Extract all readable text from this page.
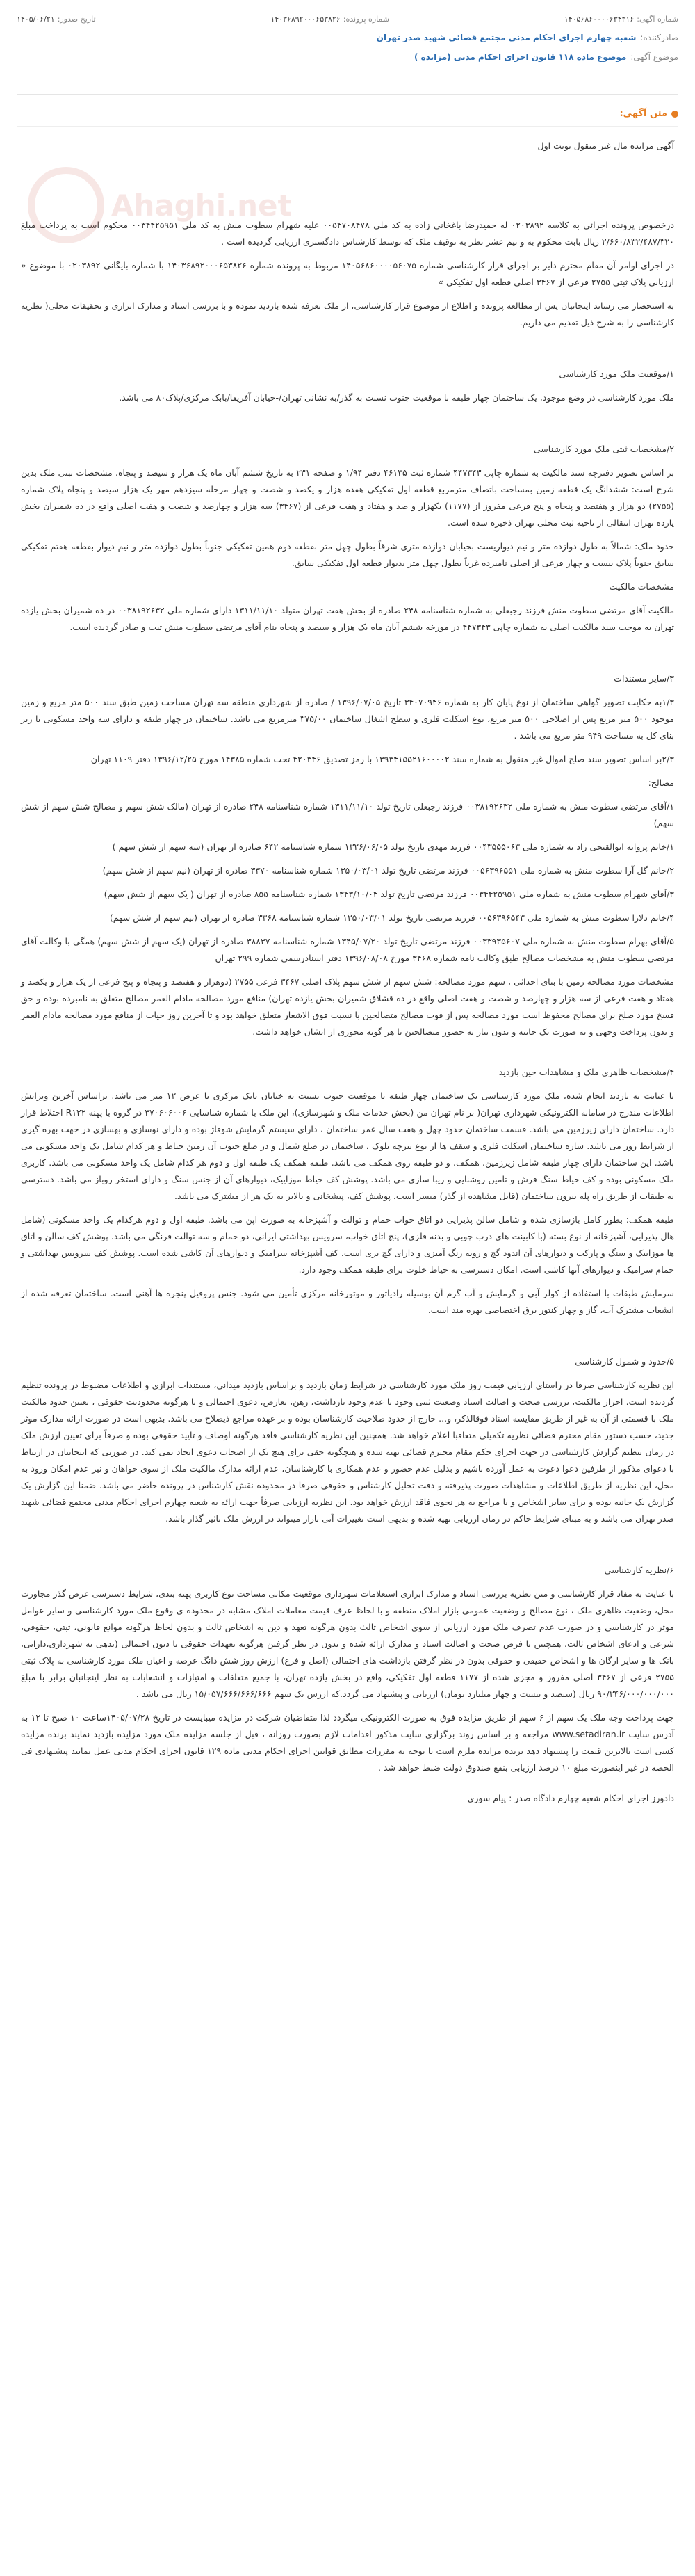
شماره آگهی:
۱۴۰۵۶۸۶۰۰۰۰۶۳۴۳۱۶
شماره پرونده:
۱۴۰۳۶۸۹۲۰۰۰۶۵۳۸۲۶
تاریخ صدور:
۱۴۰۵/۰۶/۲۱
صادرکننده:
شعبه چهارم اجرای احکام مدنی مجتمع قضائی شهید صدر تهران
موضوع آگهی:
موضوع ماده ۱۱۸ قانون اجرای احکام مدنی (مزایده )
Ahaghi.net
متن آگهی:

آگهی مزایده مال غیر منقول نوبت اول

درخصوص پرونده اجرائی به کلاسه ۰۲۰۳۸۹۲ له حمیدرضا باغخانی زاده به کد ملی ۰۰۵۴۷۰۸۴۷۸ علیه شهرام سطوت منش به کد ملی ۰۰۳۴۴۲۵۹۵۱ محکوم است به پرداخت مبلغ ۲/۶۶۰/۸۳۲/۴۸۷/۳۲۰ ریال بابت محکوم به و نیم عشر نظر به توقیف ملک که توسط کارشناس دادگستری ارزیابی گردیده است .

در اجرای اوامر آن مقام محترم دایر بر اجرای قرار کارشناسی شماره ۱۴۰۵۶۸۶۰۰۰۰۵۶۰۷۵ مربوط به پرونده شماره ۱۴۰۳۶۸۹۲۰۰۰۶۵۳۸۲۶ با شماره بایگانی ۰۲۰۳۸۹۲ با موضوع « ارزیابی پلاک ثبتی ۲۷۵۵ فرعی از ۳۴۶۷ اصلی قطعه اول تفکیکی »

به استحضار می رساند اینجانبان پس از مطالعه پرونده و اطلاع از موضوع قرار کارشناسی، از ملک تعرفه شده بازدید نموده و با بررسی اسناد و مدارک ابرازی و تحقیقات محلی( نظریه کارشناسی را به شرح ذیل تقدیم می داریم.

۱/موقعیت ملک مورد کارشناسی

ملک مورد کارشناسی در وضع موجود، یک ساختمان چهار طبقه با موقعیت جنوب نسبت به گذر/به نشانی تهران/-خیابان آفریقا/بابک مرکزی/پلاک۸۰ می باشد.

۲/مشخصات ثبتی ملک مورد کارشناسی

بر اساس تصویر دفترچه سند مالکیت به شماره چاپی ۴۴۷۳۴۳ شماره ثبت ۴۶۱۳۵ دفتر ۱/۹۴ و صفحه ۲۳۱ به تاریخ ششم آبان ماه یک هزار و سیصد و پنجاه، مشخصات ثبتی ملک بدین شرح است: ششدانگ یک قطعه زمین بمساحت باتصاف مترمربع قطعه اول تفکیکی هفده هزار و یکصد و شصت و چهار مرحله سیزدهم مهر یک هزار سیصد و پنجاه پلاک شماره (۲۷۵۵) دو هزار و هفتصد و پنجاه و پنج فرعی مفروز از (۱۱۷۷) یکهزار و صد و هفتاد و هفت فرعی از (۳۴۶۷) سه هزار و چهارصد و شصت و هفت اصلی واقع در ده شمیران بخش یازده تهران انتقالی از ناحیه ثبت محلی تهران ذخیره شده است.

حدود ملک: شمالاً به طول دوازده متر و نیم دیواریست بخیابان دوازده متری شرقاً بطول چهل متر بقطعه دوم همین تفکیکی جنوباً بطول دوازده متر و نیم دیوار بقطعه هفتم تفکیکی سابق جنوباً پلاک بیست و چهار فرعی از اصلی نامبرده غرباً بطول چهل متر بدیوار قطعه اول تفکیکی سابق.

مشخصات مالکیت

مالکیت آقای مرتضی سطوت منش فرزند رجبعلی به شماره شناسنامه ۲۴۸ صادره از بخش هفت تهران متولد ۱۳۱۱/۱۱/۱۰ دارای شماره ملی ۰۰۳۸۱۹۲۶۳۲ در ده شمیران بخش یازده تهران به موجب سند مالکیت اصلی به شماره چاپی ۴۴۷۳۴۳ در مورخه ششم آبان ماه یک هزار و سیصد و پنجاه بنام آقای مرتضی سطوت منش ثبت و صادر گردیده است.

۳/سایر مستندات

۱/۳به حکایت تصویر گواهی ساختمان از نوع پایان کار به شماره ۳۴۰۷۰۹۴۶ تاریخ ۱۳۹۶/۰۷/۰۵ / صادره از شهرداری منطقه سه تهران مساحت زمین طبق سند ۵۰۰ متر مربع و زمین موجود ۵۰۰ متر مربع پس از اصلاحی ۵۰۰ متر مربع، نوع اسکلت فلزی و سطح اشغال ساختمان ۳۷۵/۰۰ مترمربع می باشد. ساختمان در چهار طبقه و دارای سه واحد مسکونی با زیر بنای کل به مساحت ۹۴۹ متر مربع می باشد .

۲/۳بر اساس تصویر سند صلح اموال غیر منقول به شماره سند ۱۳۹۳۴۱۵۵۲۱۶۰۰۰۰۲ با رمز تصدیق ۴۲۰۳۴۶ تحت شماره ۱۴۳۸۵ مورخ ۱۳۹۶/۱۲/۲۵ دفتر ۱۱۰۹ تهران

مصالح:

۱/آقای مرتضی سطوت منش به شماره ملی ۰۰۳۸۱۹۲۶۳۲ فرزند رجبعلی تاریخ تولد ۱۳۱۱/۱۱/۱۰ شماره شناسنامه ۲۴۸ صادره از تهران (مالک شش سهم و مصالح شش سهم از شش سهم)

۱/خانم پروانه ابوالقنحی زاد به شماره ملی ۰۰۴۳۵۵۵۰۶۳ فرزند مهدی تاریخ تولد ۱۳۲۶/۰۶/۰۵ شماره شناسنامه ۶۴۲ صادره از تهران (سه سهم از شش سهم )

۲/خانم گل آرا سطوت منش به شماره ملی ۰۰۵۶۳۹۶۵۵۱ فرزند مرتضی تاریخ تولد ۱۳۵۰/۰۳/۰۱ شماره شناسنامه ۳۳۷۰ صادره از تهران (نیم سهم از شش سهم)

۳/آقای شهرام سطوت منش به شماره ملی ۰۰۳۴۴۲۵۹۵۱ فرزند مرتضی تاریخ تولد ۱۳۴۳/۱۰/۰۴ شماره شناسنامه ۸۵۵ صادره از تهران ( یک سهم از شش سهم)

۴/خانم دلارا سطوت منش به شماره ملی ۰۰۵۶۳۹۶۵۴۳ فرزند مرتضی تاریخ تولد ۱۳۵۰/۰۳/۰۱ شماره شناسنامه ۳۳۶۸ صادره از تهران (نیم سهم از شش سهم)

۵/آقای بهرام سطوت منش به شماره ملی ۰۰۳۳۹۳۵۶۰۷ فرزند مرتضی تاریخ تولد ۱۳۴۵/۰۷/۲۰ شماره شناسنامه ۳۸۸۳۷ صادره از تهران (یک سهم از شش سهم) همگی با وکالت آقای مرتضی سطوت منش به مشخصات مصالح طبق وکالت نامه شماره ۳۴۶۸ مورخ ۱۳۹۶/۰۸/۰۸ دفتر اسنادرسمی شماره ۲۹۹ تهران

مشخصات مورد مصالحه زمین با بنای احداثی ، سهم مورد مصالحه: شش سهم از شش سهم پلاک اصلی ۳۴۶۷ فرعی ۲۷۵۵ (دوهزار و هفتصد و پنجاه و پنج فرعی از یک هزار و یکصد و هفتاد و هفت فرعی از سه هزار و چهارصد و شصت و هفت اصلی واقع در ده قشلاق شمیران بخش یازده تهران) منافع مورد مصالحه مادام العمر مصالح متعلق به نامبرده بوده و حق فسخ مورد صلح برای مصالح محفوظ است مورد مصالحه پس از فوت مصالح متصالحین با نسبت فوق الاشعار متعلق خواهد بود و تا آخرین روز حیات از منافع مورد مصالحه مادام العمر و بدون پرداخت وجهی و به صورت یک جانبه و بدون نیاز به حضور متصالحین با هر گونه مجوزی از ایشان خواهد داشت.

۴/مشخصات ظاهری ملک و مشاهدات حین بازدید

با عنایت به بازدید انجام شده، ملک مورد کارشناسی یک ساختمان چهار طبقه با موقعیت جنوب نسبت به خیابان بابک مرکزی با عرض ۱۲ متر می باشد. براساس آخرین ویرایش اطلاعات مندرج در سامانه الکترونیکی شهرداری تهران( بر نام تهران من (بخش خدمات ملک و شهرسازی)، این ملک با شماره شناسایی ۳۷۰۶۰۶۰۰۶ در گروه با پهنه R۱۲۲ اختلاط قرار دارد. ساختمان دارای زیرزمین می باشد. قسمت ساختمان حدود چهل و هفت سال عمر ساختمان ، دارای سیستم گرمایش شوفاژ بوده و دارای نوسازی و بهسازی در جهت بهره گیری از شرایط روز می باشد. سازه ساختمان اسکلت فلزی و سقف ها از نوع تیرچه بلوک ، ساختمان در ضلع شمال و در ضلع جنوب آن زمین حیاط و هر کدام شامل یک واحد مسکونی می باشد. این ساختمان دارای چهار طبقه شامل زیرزمین، همکف، و دو طبقه روی همکف می باشد. طبقه همکف یک طبقه اول و دوم هر کدام شامل یک واحد مسکونی می باشد. کاربری ملک مسکونی بوده و کف حیاط سنگ فرش و تامین روشنایی و زیبا سازی می باشد. پوشش کف حیاط موزاییک، دیوارهای آن از جنس سنگ و دارای استخر روباز می باشد. دسترسی به طبقات از طریق راه پله بیرون ساختمان (قابل مشاهده از گذر) میسر است. پوشش کف، پیشخانی و بالابر به یک هر از مشترک می باشد.

طبقه همکف: بطور کامل بازسازی شده و شامل سالن پذیرایی دو اتاق خواب حمام و توالت و آشپزخانه به صورت اپن می باشد. طبقه اول و دوم هرکدام یک واحد مسکونی (شامل هال پذیرایی، آشپزخانه از نوع بسته (با کابینت های درب چوبی و بدنه فلزی)، پنج اتاق خواب، سرویس بهداشتی ایرانی، دو حمام و سه توالت فرنگی می باشد. پوشش کف سالن و اتاق ها موزاییک و سنگ و پارکت و دیوارهای آن اندود گچ و رویه رنگ آمیزی و دارای گچ بری است. کف آشپزخانه سرامیک و دیوارهای آن کاشی شده است. پوشش کف سرویس بهداشتی و حمام سرامیک و دیوارهای آنها کاشی است. امکان دسترسی به حیاط خلوت برای طبقه همکف وجود دارد.

سرمایش طبقات با استفاده از کولر آبی و گرمایش و آب گرم آن بوسیله رادیاتور و موتورخانه مرکزی تأمین می شود. جنس پروفیل پنجره ها آهنی است. ساختمان تعرفه شده از انشعاب مشترک آب، گاز و چهار کنتور برق اختصاصی بهره مند است.

۵/حدود و شمول کارشناسی

این نظریه کارشناسی صرفا در راستای ارزیابی قیمت روز ملک مورد کارشناسی در شرایط زمان بازدید و براساس بازدید میدانی، مستندات ابرازی و اطلاعات مضبوط در پرونده تنظیم گردیده است. احراز مالکیت، بررسی صحت و اصالت اسناد وضعیت ثبتی وجود یا عدم وجود بازداشت، رهن، تعارض، دعوی احتمالی و یا هرگونه محدودیت حقوقی ، تعیین حدود مالکیت ملک با قسمتی از آن به غیر از طریق مقایسه اسناد فوقالذکر، و... خارج از حدود صلاحیت کارشناسان بوده و بر عهده مراجع ذیصلاح می باشد. بدیهی است در صورت ارائه مدارک موثر جدید، حسب دستور مقام محترم قضائی نظریه تکمیلی متعاقبا اعلام خواهد شد. همچنین این نظریه کارشناسی فاقد هرگونه اوصاف و تایید حقوقی بوده و صرفاً برای تعیین ارزش ملک در زمان تنظیم گزارش کارشناسی در جهت اجرای حکم مقام محترم قضائی تهیه شده و هیچگونه حقی برای هیچ یک از اصحاب دعوی ایجاد نمی کند. در صورتی که اینجانبان در ارتباط با دعوای مذکور از طرفین دعوا دعوت به عمل آورده باشیم و بدلیل عدم حضور و عدم همکاری با کارشناسان، عدم ارائه مدارک مالکیت ملک از سوی خواهان و نیز عدم امکان ورود به محل، این نظریه از طریق اطلاعات و مشاهدات صورت پذیرفته و دقت تحلیل کارشناس و حقوقی صرفا در محدوده نقش کارشناس در پرونده حاضر می باشد. ضمنا این گزارش یک گزارش یک جانبه بوده و برای سایر اشخاص و یا مراجع به هر نحوی فاقد ارزش خواهد بود. این نظریه ارزیابی صرفاً جهت ارائه به شعبه چهارم اجرای احکام مدنی مجتمع قضائی شهید صدر تهران می باشد و به مبنای شرایط حاکم در زمان ارزیابی تهیه شده و بدیهی است تغییرات آتی بازار میتواند در ارزش ملک تاثیر گذار باشد.

۶/نظریه کارشناسی

با عنایت به مفاد قرار کارشناسی و متن نظریه بررسی اسناد و مدارک ابرازی استعلامات شهرداری موقعیت مکانی مساحت نوع کاربری پهنه بندی، شرایط دسترسی عرض گذر مجاورت محل، وضعیت ظاهری ملک ، نوع مصالح و وضعیت عمومی بازار املاک منطقه و با لحاظ عرف قیمت معاملات املاک مشابه در محدوده ی وقوع ملک مورد کارشناسی و سایر عوامل موثر در کارشناسی و در صورت عدم تصرف ملک مورد ارزیابی از سوی اشخاص ثالث بدون هرگونه تعهد و دین به اشخاص ثالث و بدون لحاظ هرگونه موانع قانونی، ثبتی، حقوقی، شرعی و ادعای اشخاص ثالث، همچنین با فرض صحت و اصالت اسناد و مدارک ارائه شده و بدون در نظر گرفتن هرگونه تعهدات حقوقی یا دیون احتمالی (بدهی به شهرداری،دارایی، بانک ها و سایر ارگان ها و اشخاص حقیقی و حقوقی بدون در نظر گرفتن بازداشت های احتمالی (اصل و فرع) ارزش روز شش دانگ عرصه و اعیان ملک مورد کارشناسی به پلاک ثبتی ۲۷۵۵ فرعی از ۳۴۶۷ اصلی مفروز و مجزی شده از ۱۱۷۷ قطعه اول تفکیکی، واقع در بخش یازده تهران، با جمیع متعلقات و امتیازات و انشعابات به نظر اینجانبان برابر با مبلغ ۹۰/۳۴۶/۰۰۰/۰۰۰/۰۰۰ ریال (سیصد و بیست و چهار میلیارد تومان) ارزیابی و پیشنهاد می گردد.که ارزش یک سهم ۱۵/۰۵۷/۶۶۶/۶۶۶/۶۶۶ ریال می باشد .

جهت پرداخت وجه ملک یک سهم از ۶ سهم از طریق مزایده فوق به صورت الکترونیکی میگردد لذا متقاضیان شرکت در مزایده میبایست در تاریخ ۱۴۰۵/۰۷/۲۸ساعت ۱۰ صبح تا ۱۲ به آدرس سایت www.setadiran.ir مراجعه و بر اساس روند برگزاری سایت مذکور اقدامات لازم بصورت روزانه ، قبل از جلسه مزایده ملک مورد مزایده بازدید نمایند برنده مزایده کسی است بالاترین قیمت را پیشنهاد دهد برنده مزایده ملزم است با توجه به مقررات مطابق قوانین اجرای احکام مدنی ماده ۱۲۹ قانون اجرای احکام مدنی عمل نمایند پیشنهادی فی الحصه در غیر اینصورت مبلغ ۱۰ درصد ارزیابی بنفع صندوق دولت ضبط خواهد شد .

دادورز اجرای احکام شعبه چهارم دادگاه صدر : پیام سوری
